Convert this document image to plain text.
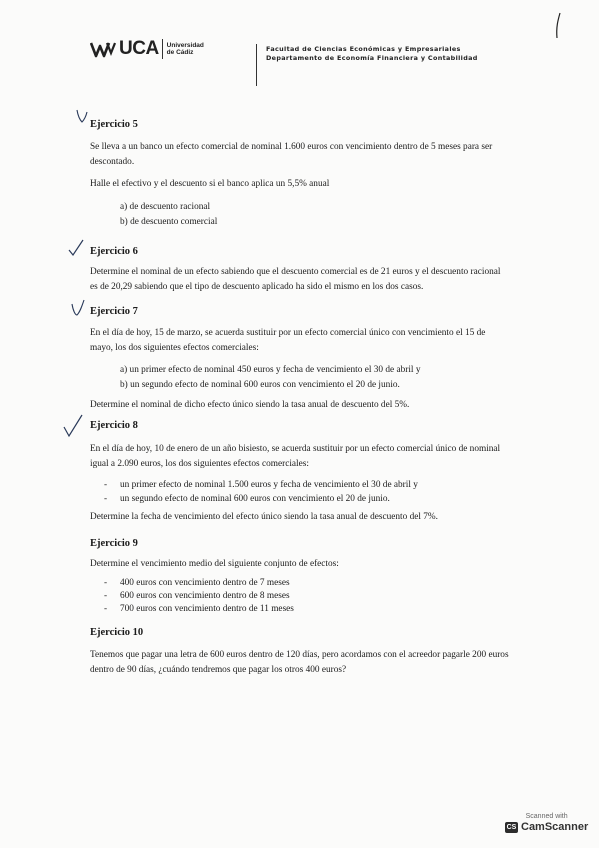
UCA Universidad
de Cádiz	Facultad de Ciencias Económicas y Empresariales
Departamento de Economía Financiera y Contabilidad
Ejercicio 5

Se lleva a un banco un efecto comercial de nominal 1.600 euros con vencimiento dentro de 5 meses para ser descontado.

Halle el efectivo y el descuento si el banco aplica un 5,5% anual

a) de descuento racional
b) de descuento comercial
Ejercicio 6

Determine el nominal de un efecto sabiendo que el descuento comercial es de 21 euros y el descuento racional es de 20,29 sabiendo que el tipo de descuento aplicado ha sido el mismo en los dos casos.

Ejercicio 7

En el día de hoy, 15 de marzo, se acuerda sustituir por un efecto comercial único con vencimiento el 15 de mayo, los dos siguientes efectos comerciales:

a) un primer efecto de nominal 450 euros y fecha de vencimiento el 30 de abril y
b) un segundo efecto de nominal 600 euros con vencimiento el 20 de junio.

Determine el nominal de dicho efecto único siendo la tasa anual de descuento del 5%.

Ejercicio 8

En el día de hoy, 10 de enero de un año bisiesto, se acuerda sustituir por un efecto comercial único de nominal igual a 2.090 euros, los dos siguientes efectos comerciales:

- un primer efecto de nominal 1.500 euros y fecha de vencimiento el 30 de abril y
- un segundo efecto de nominal 600 euros con vencimiento el 20 de junio.

Determine la fecha de vencimiento del efecto único siendo la tasa anual de descuento del 7%.

Ejercicio 9

Determine el vencimiento medio del siguiente conjunto de efectos:

- 400 euros con vencimiento dentro de 7 meses
- 600 euros con vencimiento dentro de 8 meses
- 700 euros con vencimiento dentro de 11 meses
Ejercicio 10

Tenemos que pagar una letra de 600 euros dentro de 120 días, pero acordamos con el acreedor pagarle 200 euros dentro de 90 días, ¿cuándo tendremos que pagar los otros 400 euros?

Scanned with
CS CamScanner
